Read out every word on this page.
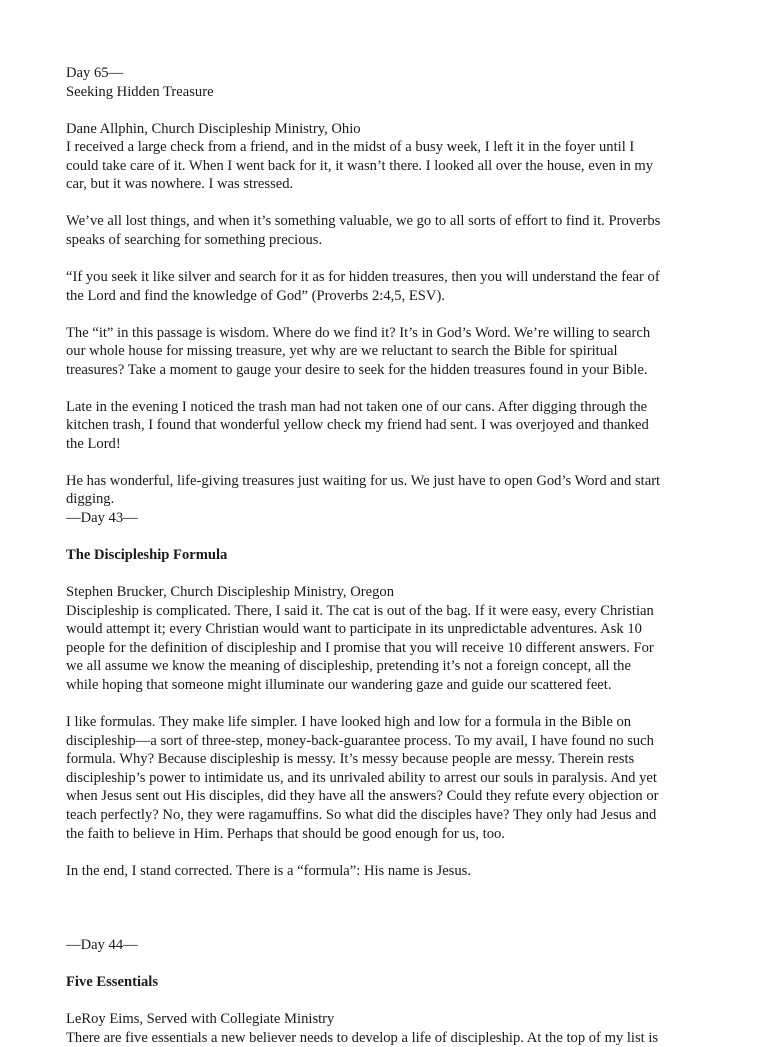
Day 65—
Seeking Hidden Treasure
Dane Allphin, Church Discipleship Ministry, Ohio

I received a large check from a friend, and in the midst of a busy week, I left it in the foyer until I
could take care of it. When I went back for it, it wasn’t there. I looked all over the house, even in my
car, but it was nowhere. I was stressed.

We’ve all lost things, and when it’s something valuable, we go to all sorts of effort to find it. Proverbs
speaks of searching for something precious.

“If you seek it like silver and search for it as for hidden treasures, then you will understand the fear of
the Lord and find the knowledge of God” (Proverbs 2:4,5, ESV).

The “it” in this passage is wisdom. Where do we find it? It’s in God’s Word. We’re willing to search
our whole house for missing treasure, yet why are we reluctant to search the Bible for spiritual
treasures? Take a moment to gauge your desire to seek for the hidden treasures found in your Bible.

Late in the evening I noticed the trash man had not taken one of our cans. After digging through the
kitchen trash, I found that wonderful yellow check my friend had sent. I was overjoyed and thanked
the Lord!

He has wonderful, life-giving treasures just waiting for us. We just have to open God’s Word and start
digging.

—Day 43—
The Discipleship Formula
Stephen Brucker, Church Discipleship Ministry, Oregon

Discipleship is complicated. There, I said it. The cat is out of the bag. If it were easy, every Christian
would attempt it; every Christian would want to participate in its unpredictable adventures. Ask 10
people for the definition of discipleship and I promise that you will receive 10 different answers. For
we all assume we know the meaning of discipleship, pretending it’s not a foreign concept, all the
while hoping that someone might illuminate our wandering gaze and guide our scattered feet.

I like formulas. They make life simpler. I have looked high and low for a formula in the Bible on
discipleship—a sort of three-step, money-back-guarantee process. To my avail, I have found no such
formula. Why? Because discipleship is messy. It’s messy because people are messy. Therein rests
discipleship’s power to intimidate us, and its unrivaled ability to arrest our souls in paralysis. And yet
when Jesus sent out His disciples, did they have all the answers? Could they refute every objection or
teach perfectly? No, they were ragamuffins. So what did the disciples have? They only had Jesus and
the faith to believe in Him. Perhaps that should be good enough for us, too.

In the end, I stand corrected. There is a “formula”: His name is Jesus.

—Day 44—
Five Essentials
LeRoy Eims, Served with Collegiate Ministry

There are five essentials a new believer needs to develop a life of discipleship. At the top of my list is
